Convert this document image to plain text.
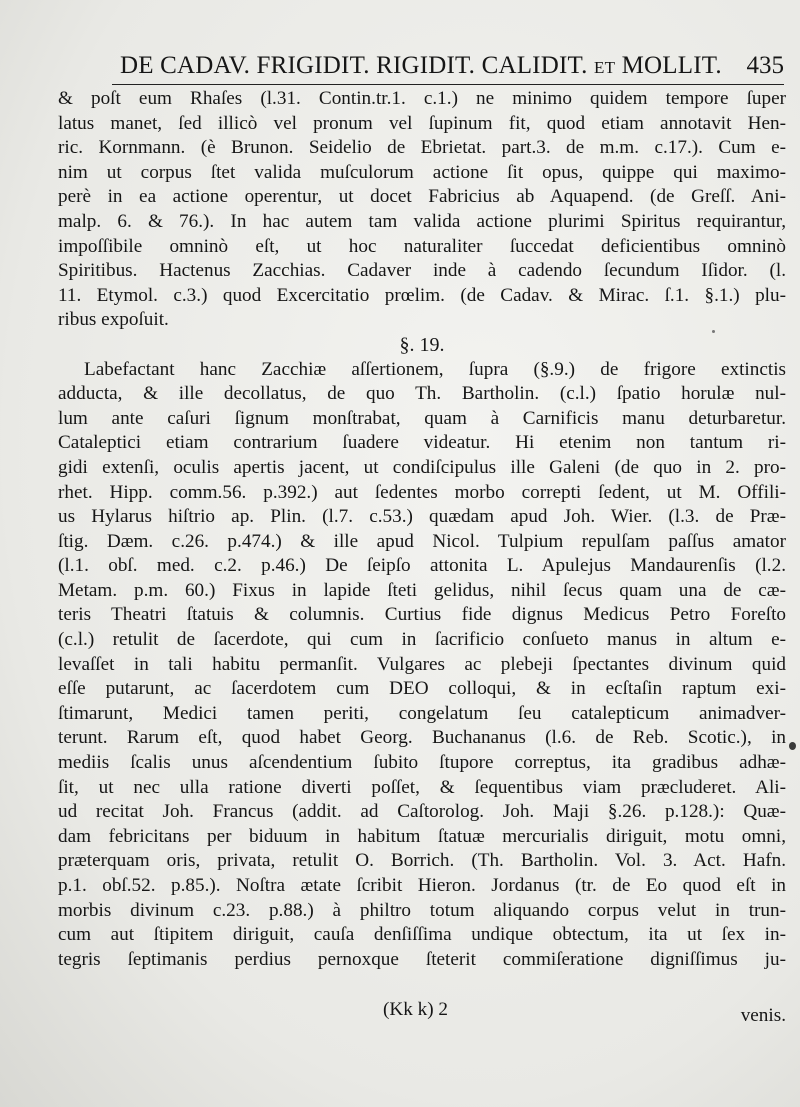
DE CADAV. FRIGIDIT. RIGIDIT. CALIDIT. ET MOLLIT. 435
& poſt eum Rhaſes (l.31. Contin.tr.1. c.1.) ne minimo quidem tempore ſuper
latus manet, ſed illicò vel pronum vel ſupinum fit, quod etiam annotavit Hen-
ric. Kornmann. (è Brunon. Seidelio de Ebrietat. part.3. de m.m. c.17.). Cum e-
nim ut corpus ſtet valida muſculorum actione ſit opus, quippe qui maximo-
perè in ea actione operentur, ut docet Fabricius ab Aquapend. (de Greſſ. Ani-
malp. 6. & 76.). In hac autem tam valida actione plurimi Spiritus requirantur,
impoſſibile omninò eſt, ut hoc naturaliter ſuccedat deficientibus omninò
Spiritibus. Hactenus Zacchias. Cadaver inde à cadendo ſecundum Iſidor. (l.
11. Etymol. c.3.) quod Excercitatio prœlim. (de Cadav. & Mirac. ſ.1. §.1.) plu-
ribus expoſuit.
§. 19.
Labefactant hanc Zacchiæ aſſertionem, ſupra (§.9.) de frigore extinctis
adducta, & ille decollatus, de quo Th. Bartholin. (c.l.) ſpatio horulæ nul-
lum ante caſuri ſignum monſtrabat, quam à Carnificis manu deturbaretur.
Cataleptici etiam contrarium ſuadere videatur. Hi etenim non tantum ri-
gidi extenſi, oculis apertis jacent, ut condiſcipulus ille Galeni (de quo in 2. pro-
rhet. Hipp. comm.56. p.392.) aut ſedentes morbo correpti ſedent, ut M. Offili-
us Hylarus hiſtrio ap. Plin. (l.7. c.53.) quædam apud Joh. Wier. (l.3. de Præ-
ſtig. Dæm. c.26. p.474.) & ille apud Nicol. Tulpium repulſam paſſus amator
(l.1. obſ. med. c.2. p.46.) De ſeipſo attonita L. Apulejus Mandaurenſis (l.2.
Metam. p.m. 60.) Fixus in lapide ſteti gelidus, nihil ſecus quam una de cæ-
teris Theatri ſtatuis & columnis. Curtius fide dignus Medicus Petro Foreſto
(c.l.) retulit de ſacerdote, qui cum in ſacrificio conſueto manus in altum e-
levaſſet in tali habitu permanſit. Vulgares ac plebeji ſpectantes divinum quid
eſſe putarunt, ac ſacerdotem cum DEO colloqui, & in ecſtaſin raptum exi-
ſtimarunt, Medici tamen periti, congelatum ſeu catalepticum animadver-
terunt. Rarum eſt, quod habet Georg. Buchananus (l.6. de Reb. Scotic.), in
mediis ſcalis unus aſcendentium ſubito ſtupore correptus, ita gradibus adhæ-
ſit, ut nec ulla ratione diverti poſſet, & ſequentibus viam præcluderet. Ali-
ud recitat Joh. Francus (addit. ad Caſtorolog. Joh. Maji §.26. p.128.): Quæ-
dam febricitans per biduum in habitum ſtatuæ mercurialis diriguit, motu omni,
præterquam oris, privata, retulit O. Borrich. (Th. Bartholin. Vol. 3. Act. Hafn.
p.1. obſ.52. p.85.). Noſtra ætate ſcribit Hieron. Jordanus (tr. de Eo quod eſt in
morbis divinum c.23. p.88.) à philtro totum aliquando corpus velut in trun-
cum aut ſtipitem diriguit, cauſa denſiſſima undique obtectum, ita ut ſex in-
tegris ſeptimanis perdius pernoxque ſteterit commiſeratione digniſſimus ju-
(Kk k) 2	venis.
